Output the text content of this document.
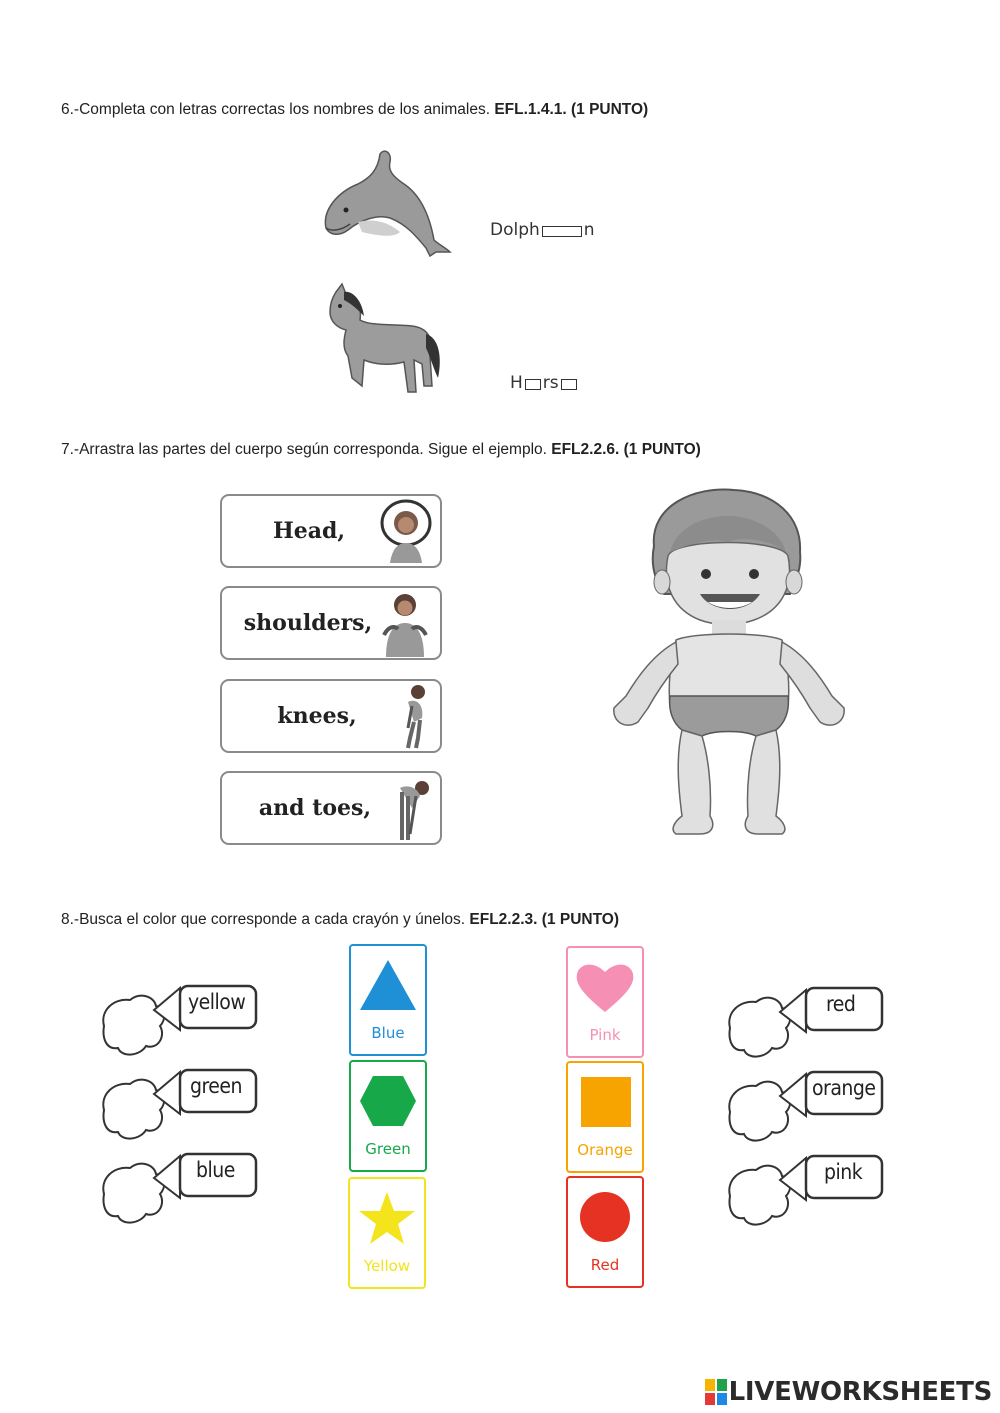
6.-Completa con letras correctas los nombres de los animales. EFL.1.4.1. (1 PUNTO)
Dolph	n
H rs
7.-Arrastra las partes del cuerpo según corresponda. Sigue el ejemplo. EFL2.2.6. (1 PUNTO)
Head,
shoulders,
knees,
and toes,
8.-Busca el color que corresponde a cada crayón y únelos. EFL2.2.3. (1 PUNTO)
yellow
green
blue
red
orange
pink
Blue
Green
Yellow
Pink
Orange
Red
LIVEWORKSHEETS
